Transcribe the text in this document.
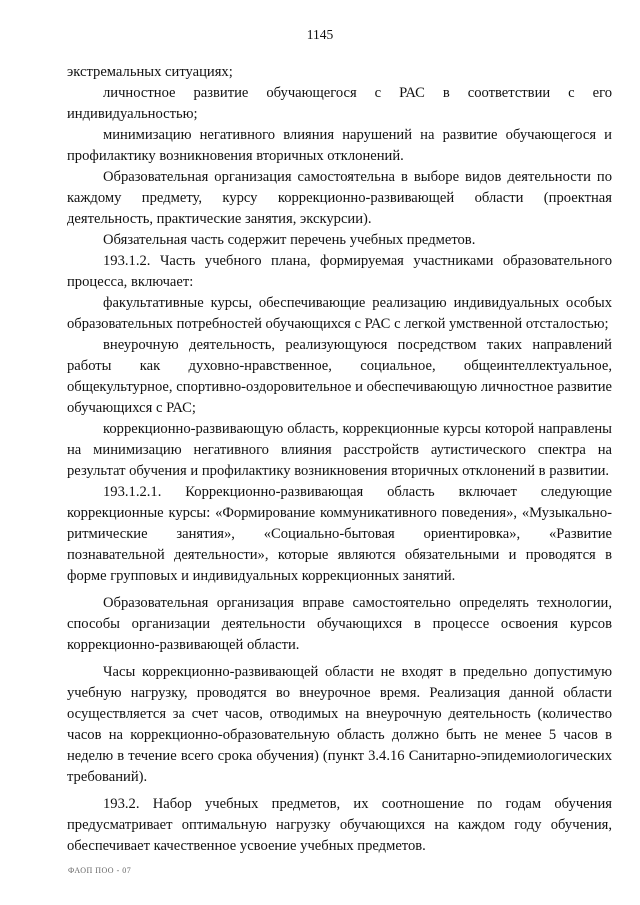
1145

экстремальных ситуациях;

личностное развитие обучающегося с РАС в соответствии с его индивидуальностью;

минимизацию негативного влияния нарушений на развитие обучающегося и профилактику возникновения вторичных отклонений.

Образовательная организация самостоятельна в выборе видов деятельности по каждому предмету, курсу коррекционно-развивающей области (проектная деятельность, практические занятия, экскурсии).

Обязательная часть содержит перечень учебных предметов.

193.1.2. Часть учебного плана, формируемая участниками образовательного процесса, включает:

факультативные курсы, обеспечивающие реализацию индивидуальных особых образовательных потребностей обучающихся с РАС с легкой умственной отсталостью;

внеурочную деятельность, реализующуюся посредством таких направлений работы как духовно-нравственное, социальное, общеинтеллектуальное, общекультурное, спортивно-оздоровительное и обеспечивающую личностное развитие обучающихся с РАС;

коррекционно-развивающую область, коррекционные курсы которой направлены на минимизацию негативного влияния расстройств аутистического спектра на результат обучения и профилактику возникновения вторичных отклонений в развитии.

193.1.2.1. Коррекционно-развивающая область включает следующие коррекционные курсы: «Формирование коммуникативного поведения», «Музыкально-ритмические занятия», «Социально-бытовая ориентировка», «Развитие познавательной деятельности», которые являются обязательными и проводятся в форме групповых и индивидуальных коррекционных занятий.

Образовательная организация вправе самостоятельно определять технологии, способы организации деятельности обучающихся в процессе освоения курсов коррекционно-развивающей области.

Часы коррекционно-развивающей области не входят в предельно допустимую учебную нагрузку, проводятся во внеурочное время. Реализация данной области осуществляется за счет часов, отводимых на внеурочную деятельность (количество часов на коррекционно-образовательную область должно быть не менее 5 часов в неделю в течение всего срока обучения) (пункт 3.4.16 Санитарно-эпидемиологических требований).

193.2. Набор учебных предметов, их соотношение по годам обучения предусматривает оптимальную нагрузку обучающихся на каждом году обучения, обеспечивает качественное усвоение учебных предметов.

ФАОП ПОО - 07
